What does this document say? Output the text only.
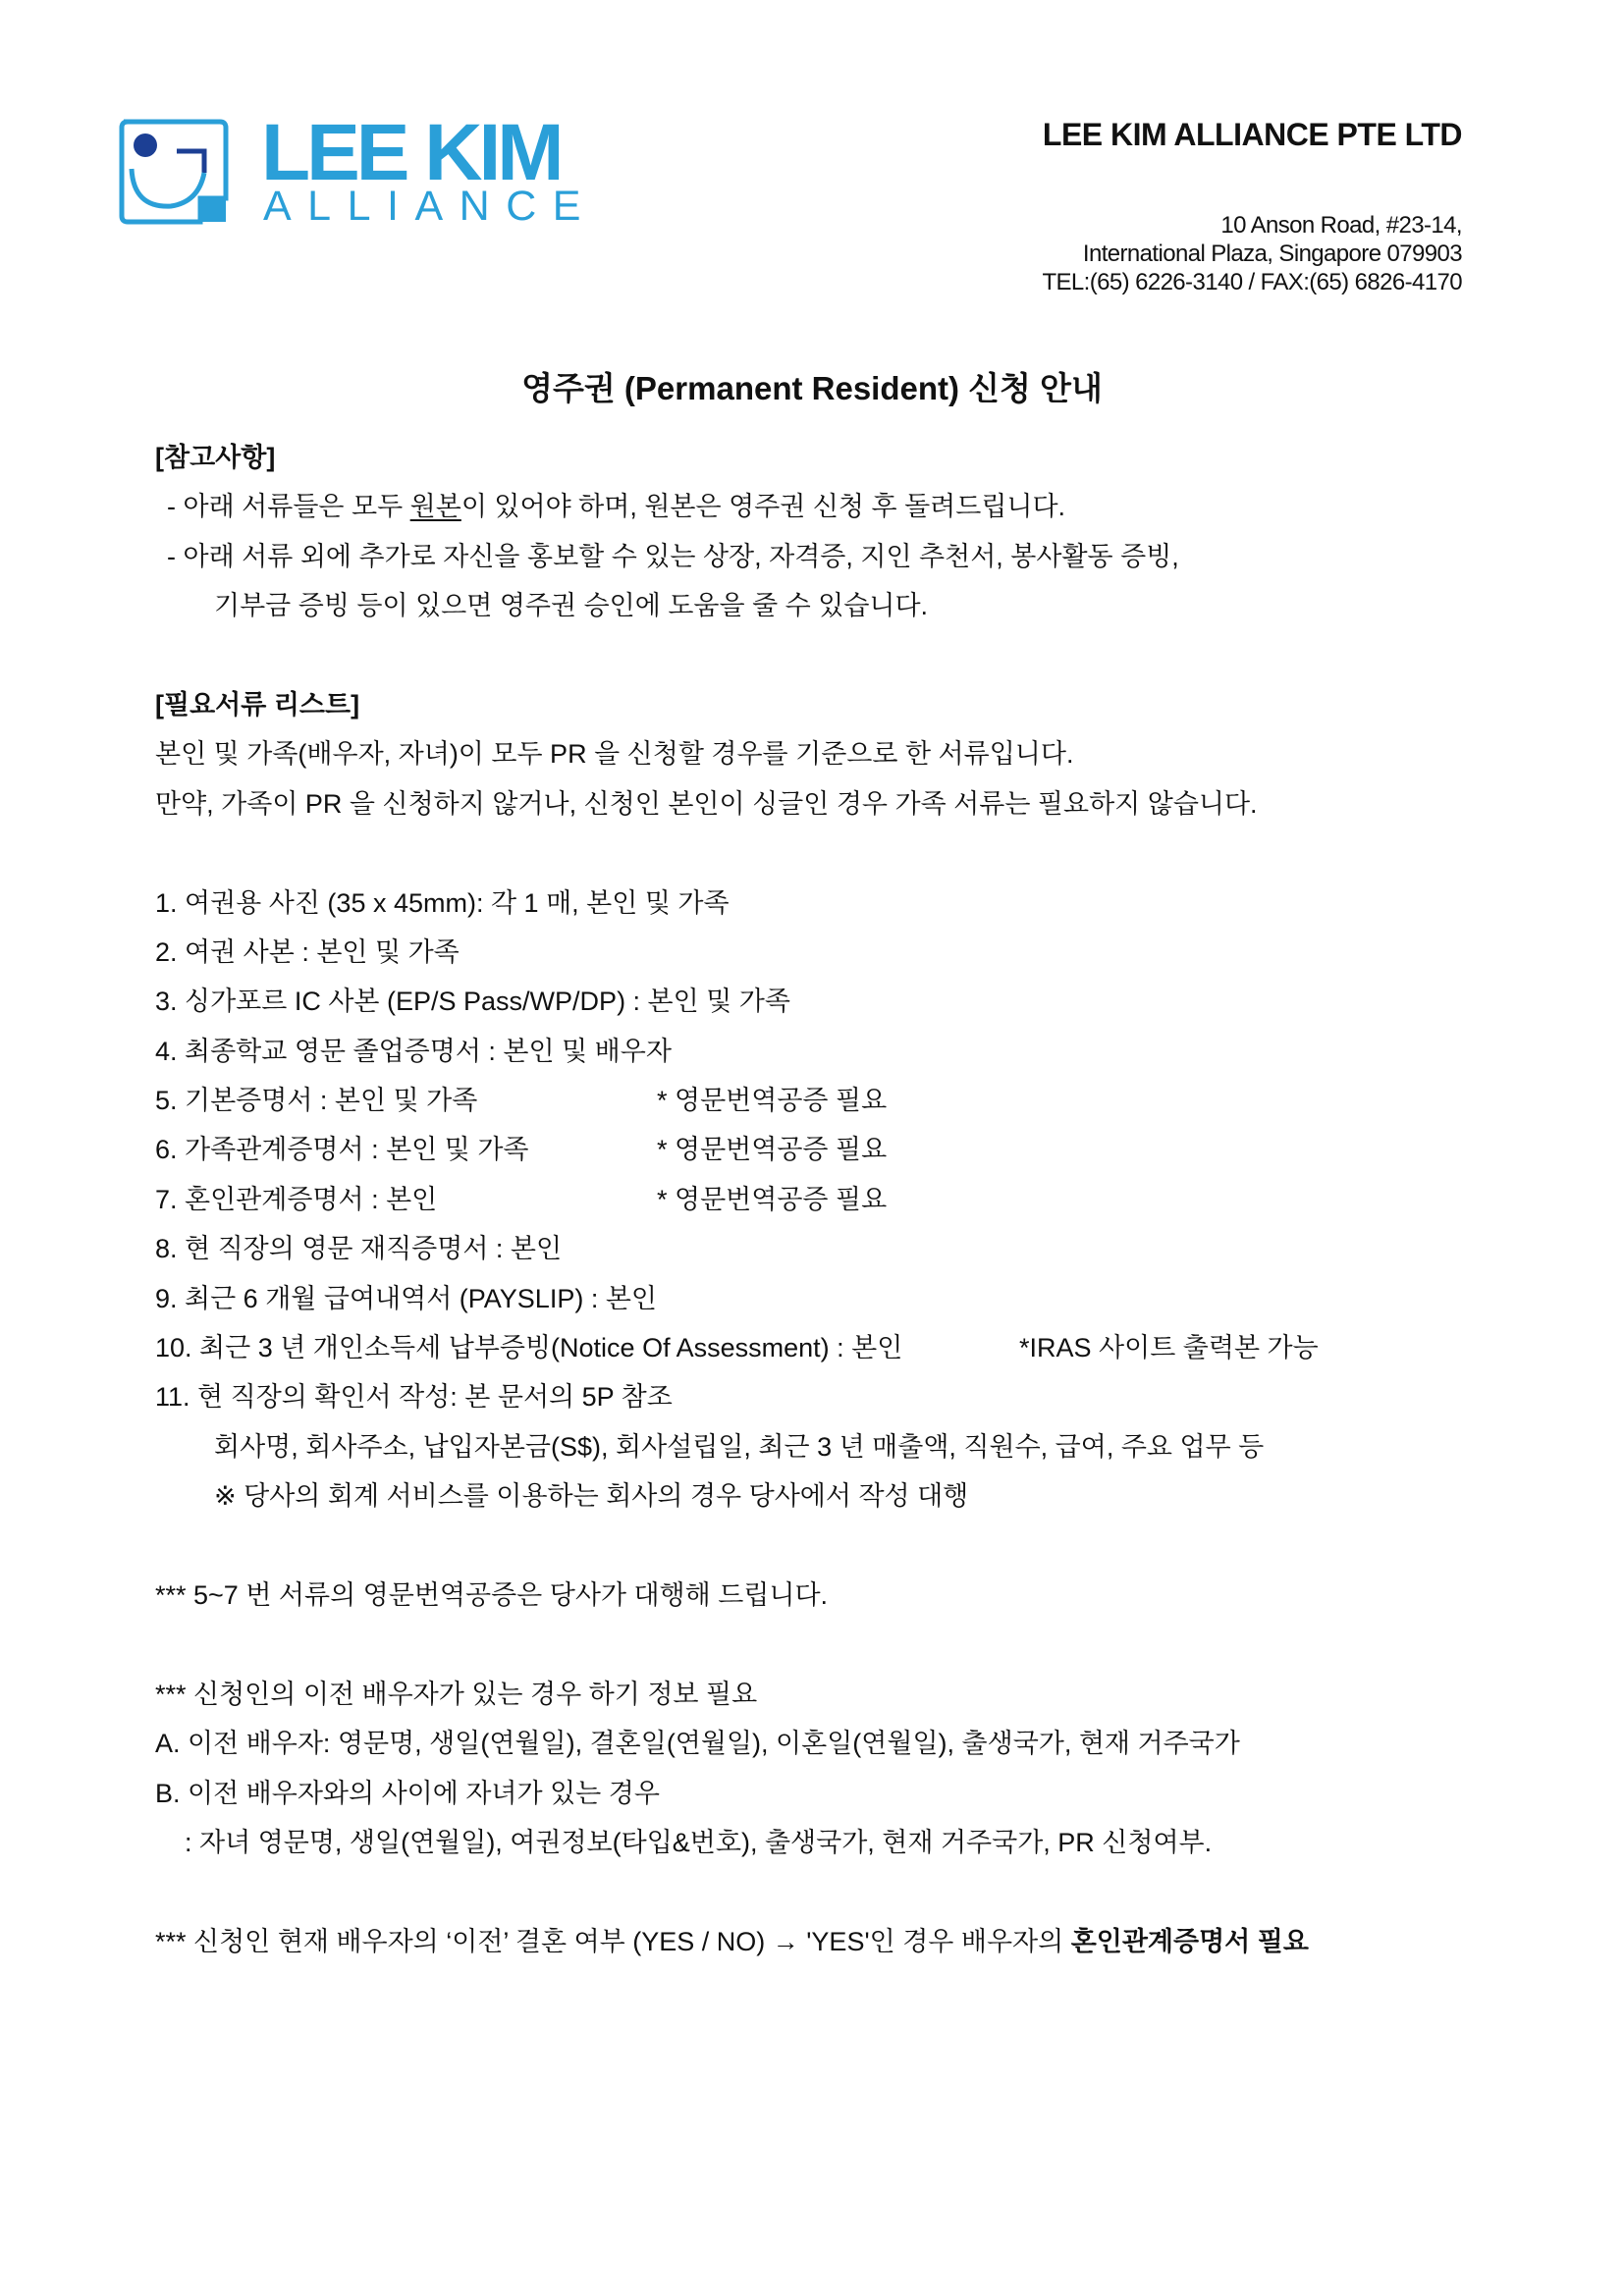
LEE KIM
ALLIANCE
LEE KIM ALLIANCE PTE LTD
10 Anson Road, #23-14,
International Plaza, Singapore 079903
TEL:(65) 6226-3140 / FAX:(65) 6826-4170
영주권 (Permanent Resident) 신청 안내
[참고사항]
- 아래 서류들은 모두 원본이 있어야 하며, 원본은 영주권 신청 후 돌려드립니다.
- 아래 서류 외에 추가로 자신을 홍보할 수 있는 상장, 자격증, 지인 추천서, 봉사활동 증빙,
기부금 증빙 등이 있으면 영주권 승인에 도움을 줄 수 있습니다.
[필요서류 리스트]
본인 및 가족(배우자, 자녀)이 모두 PR 을 신청할 경우를 기준으로 한 서류입니다.
만약, 가족이 PR 을 신청하지 않거나, 신청인 본인이 싱글인 경우 가족 서류는 필요하지 않습니다.
1. 여권용 사진 (35 x 45mm): 각 1 매, 본인 및 가족
2. 여권 사본 : 본인 및 가족
3. 싱가포르 IC 사본 (EP/S Pass/WP/DP) : 본인 및 가족
4. 최종학교 영문 졸업증명서 : 본인 및 배우자
5. 기본증명서 : 본인 및 가족	* 영문번역공증 필요
6. 가족관계증명서 : 본인 및 가족	* 영문번역공증 필요
7. 혼인관계증명서 : 본인	* 영문번역공증 필요
8. 현 직장의 영문 재직증명서 : 본인
9. 최근 6 개월 급여내역서 (PAYSLIP) : 본인
10. 최근 3 년 개인소득세 납부증빙(Notice Of Assessment) : 본인	*IRAS 사이트 출력본 가능
11. 현 직장의 확인서 작성: 본 문서의 5P 참조
회사명, 회사주소, 납입자본금(S$), 회사설립일, 최근 3 년 매출액, 직원수, 급여, 주요 업무 등
※ 당사의 회계 서비스를 이용하는 회사의 경우 당사에서 작성 대행
*** 5~7 번 서류의 영문번역공증은 당사가 대행해 드립니다.
*** 신청인의 이전 배우자가 있는 경우 하기 정보 필요
A. 이전 배우자: 영문명, 생일(연월일), 결혼일(연월일), 이혼일(연월일), 출생국가, 현재 거주국가
B. 이전 배우자와의 사이에 자녀가 있는 경우
: 자녀 영문명, 생일(연월일), 여권정보(타입&번호), 출생국가, 현재 거주국가, PR 신청여부.
*** 신청인 현재 배우자의 ‘이전’ 결혼 여부 (YES / NO) → 'YES'인 경우 배우자의 혼인관계증명서 필요
